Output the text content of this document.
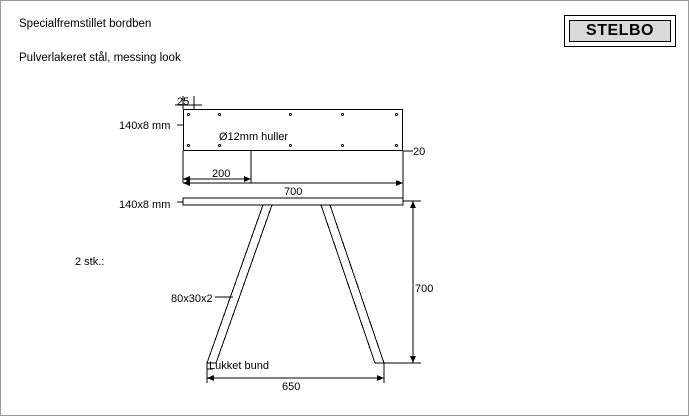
Specialfremstillet bordben
Pulverlakeret stål, messing look
STELBO
140x8 mm
25
Ø12mm huller
20
200
700
140x8 mm
2 stk.:
80x30x2
Lukket bund
700
650
